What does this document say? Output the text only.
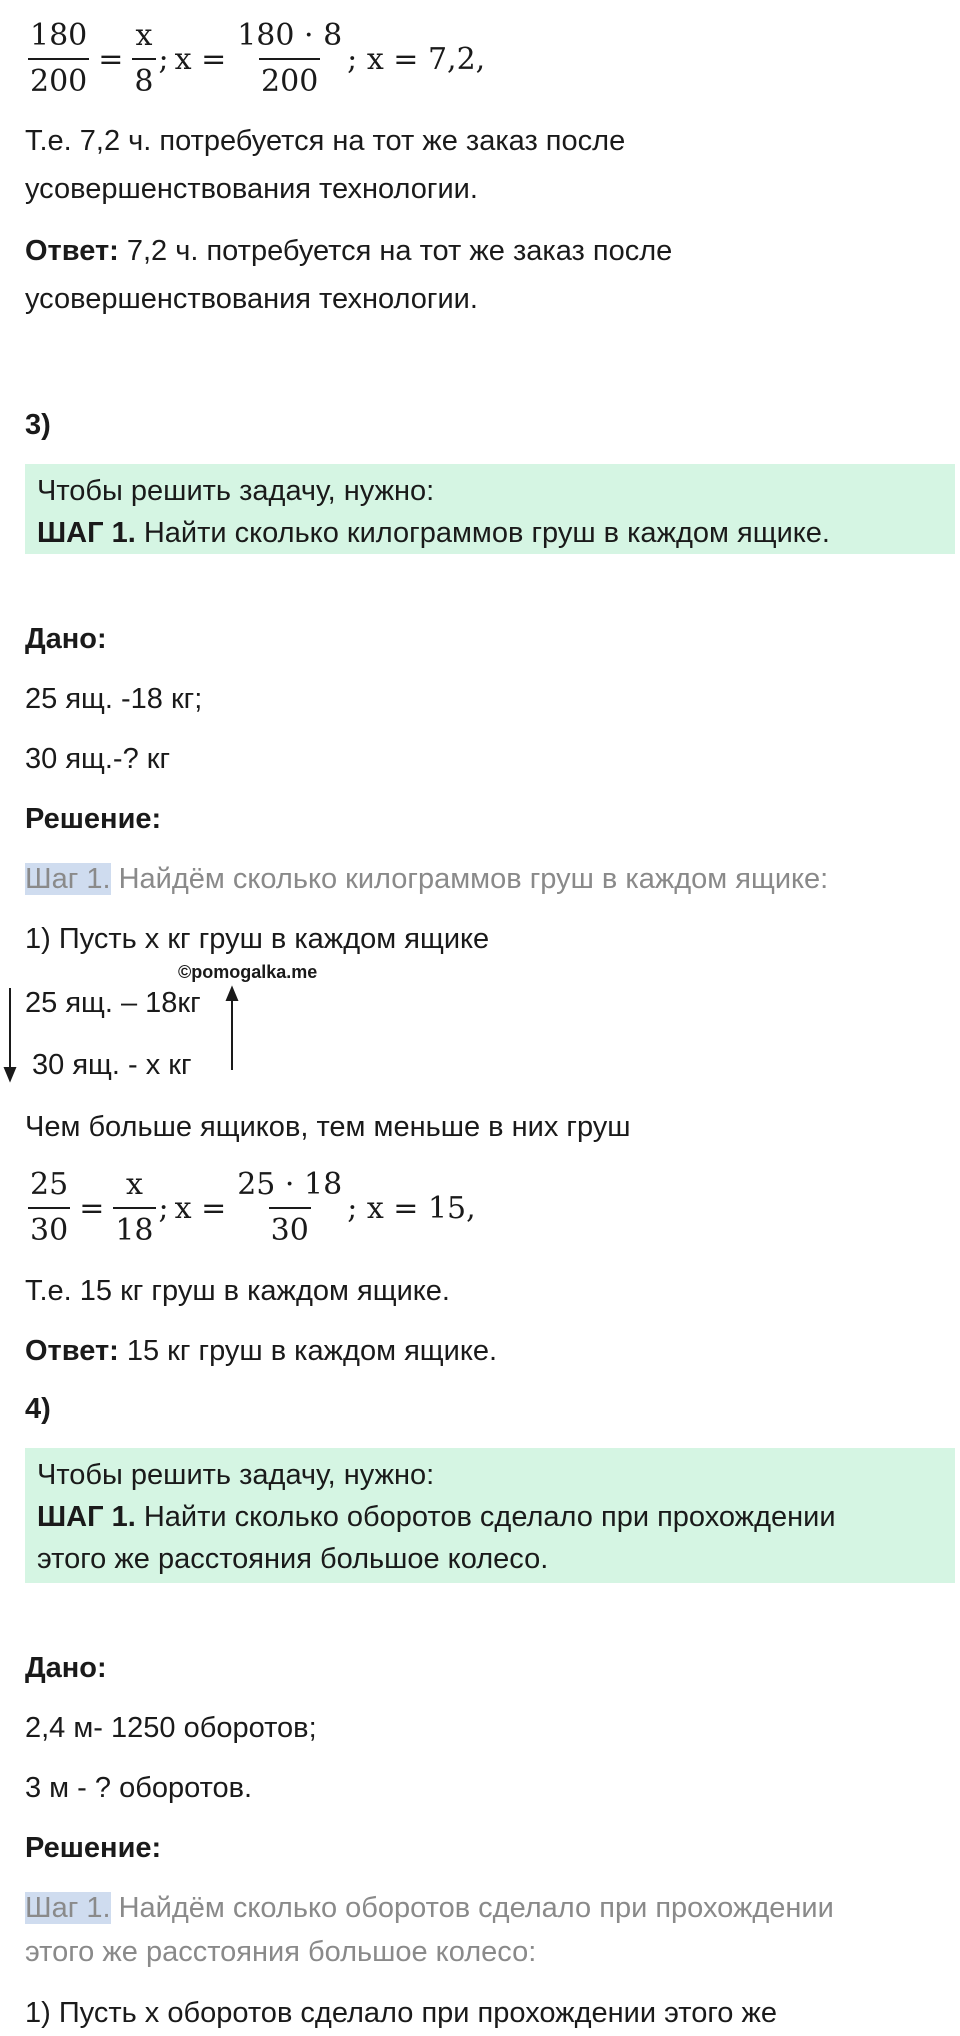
$\frac{180}{200} = \frac{x}{8}$ ; $x = \frac{180 \cdot 8}{200}$ ; x = 7,2,
Т.е. 7,2 ч. потребуется на тот же заказ после
усовершенствования технологии.
Ответ: 7,2 ч. потребуется на тот же заказ после
усовершенствования технологии.
3)
Чтобы решить задачу, нужно:
ШАГ 1. Найти сколько килограммов груш в каждом ящике.
Дано:
25 ящ. -18 кг;
30 ящ.-? кг
Решение:
Шаг 1. Найдём сколько килограммов груш в каждом ящике:
1) Пусть х кг груш в каждом ящике
©pomogalka.me
25 ящ. – 18кг
30 ящ. - х кг
Чем больше ящиков, тем меньше в них груш
$\frac{25}{30} = \frac{x}{18}$ ; $x = \frac{25 \cdot 18}{30}$ ; x = 15,
Т.е. 15 кг груш в каждом ящике.
Ответ: 15 кг груш в каждом ящике.
4)
Чтобы решить задачу, нужно:
ШАГ 1. Найти сколько оборотов сделало при прохождении
этого же расстояния большое колесо.
Дано:
2,4 м- 1250 оборотов;
3 м - ? оборотов.
Решение:
Шаг 1. Найдём сколько оборотов сделало при прохождении
этого же расстояния большое колесо:
1) Пусть х оборотов сделало при прохождении этого же
